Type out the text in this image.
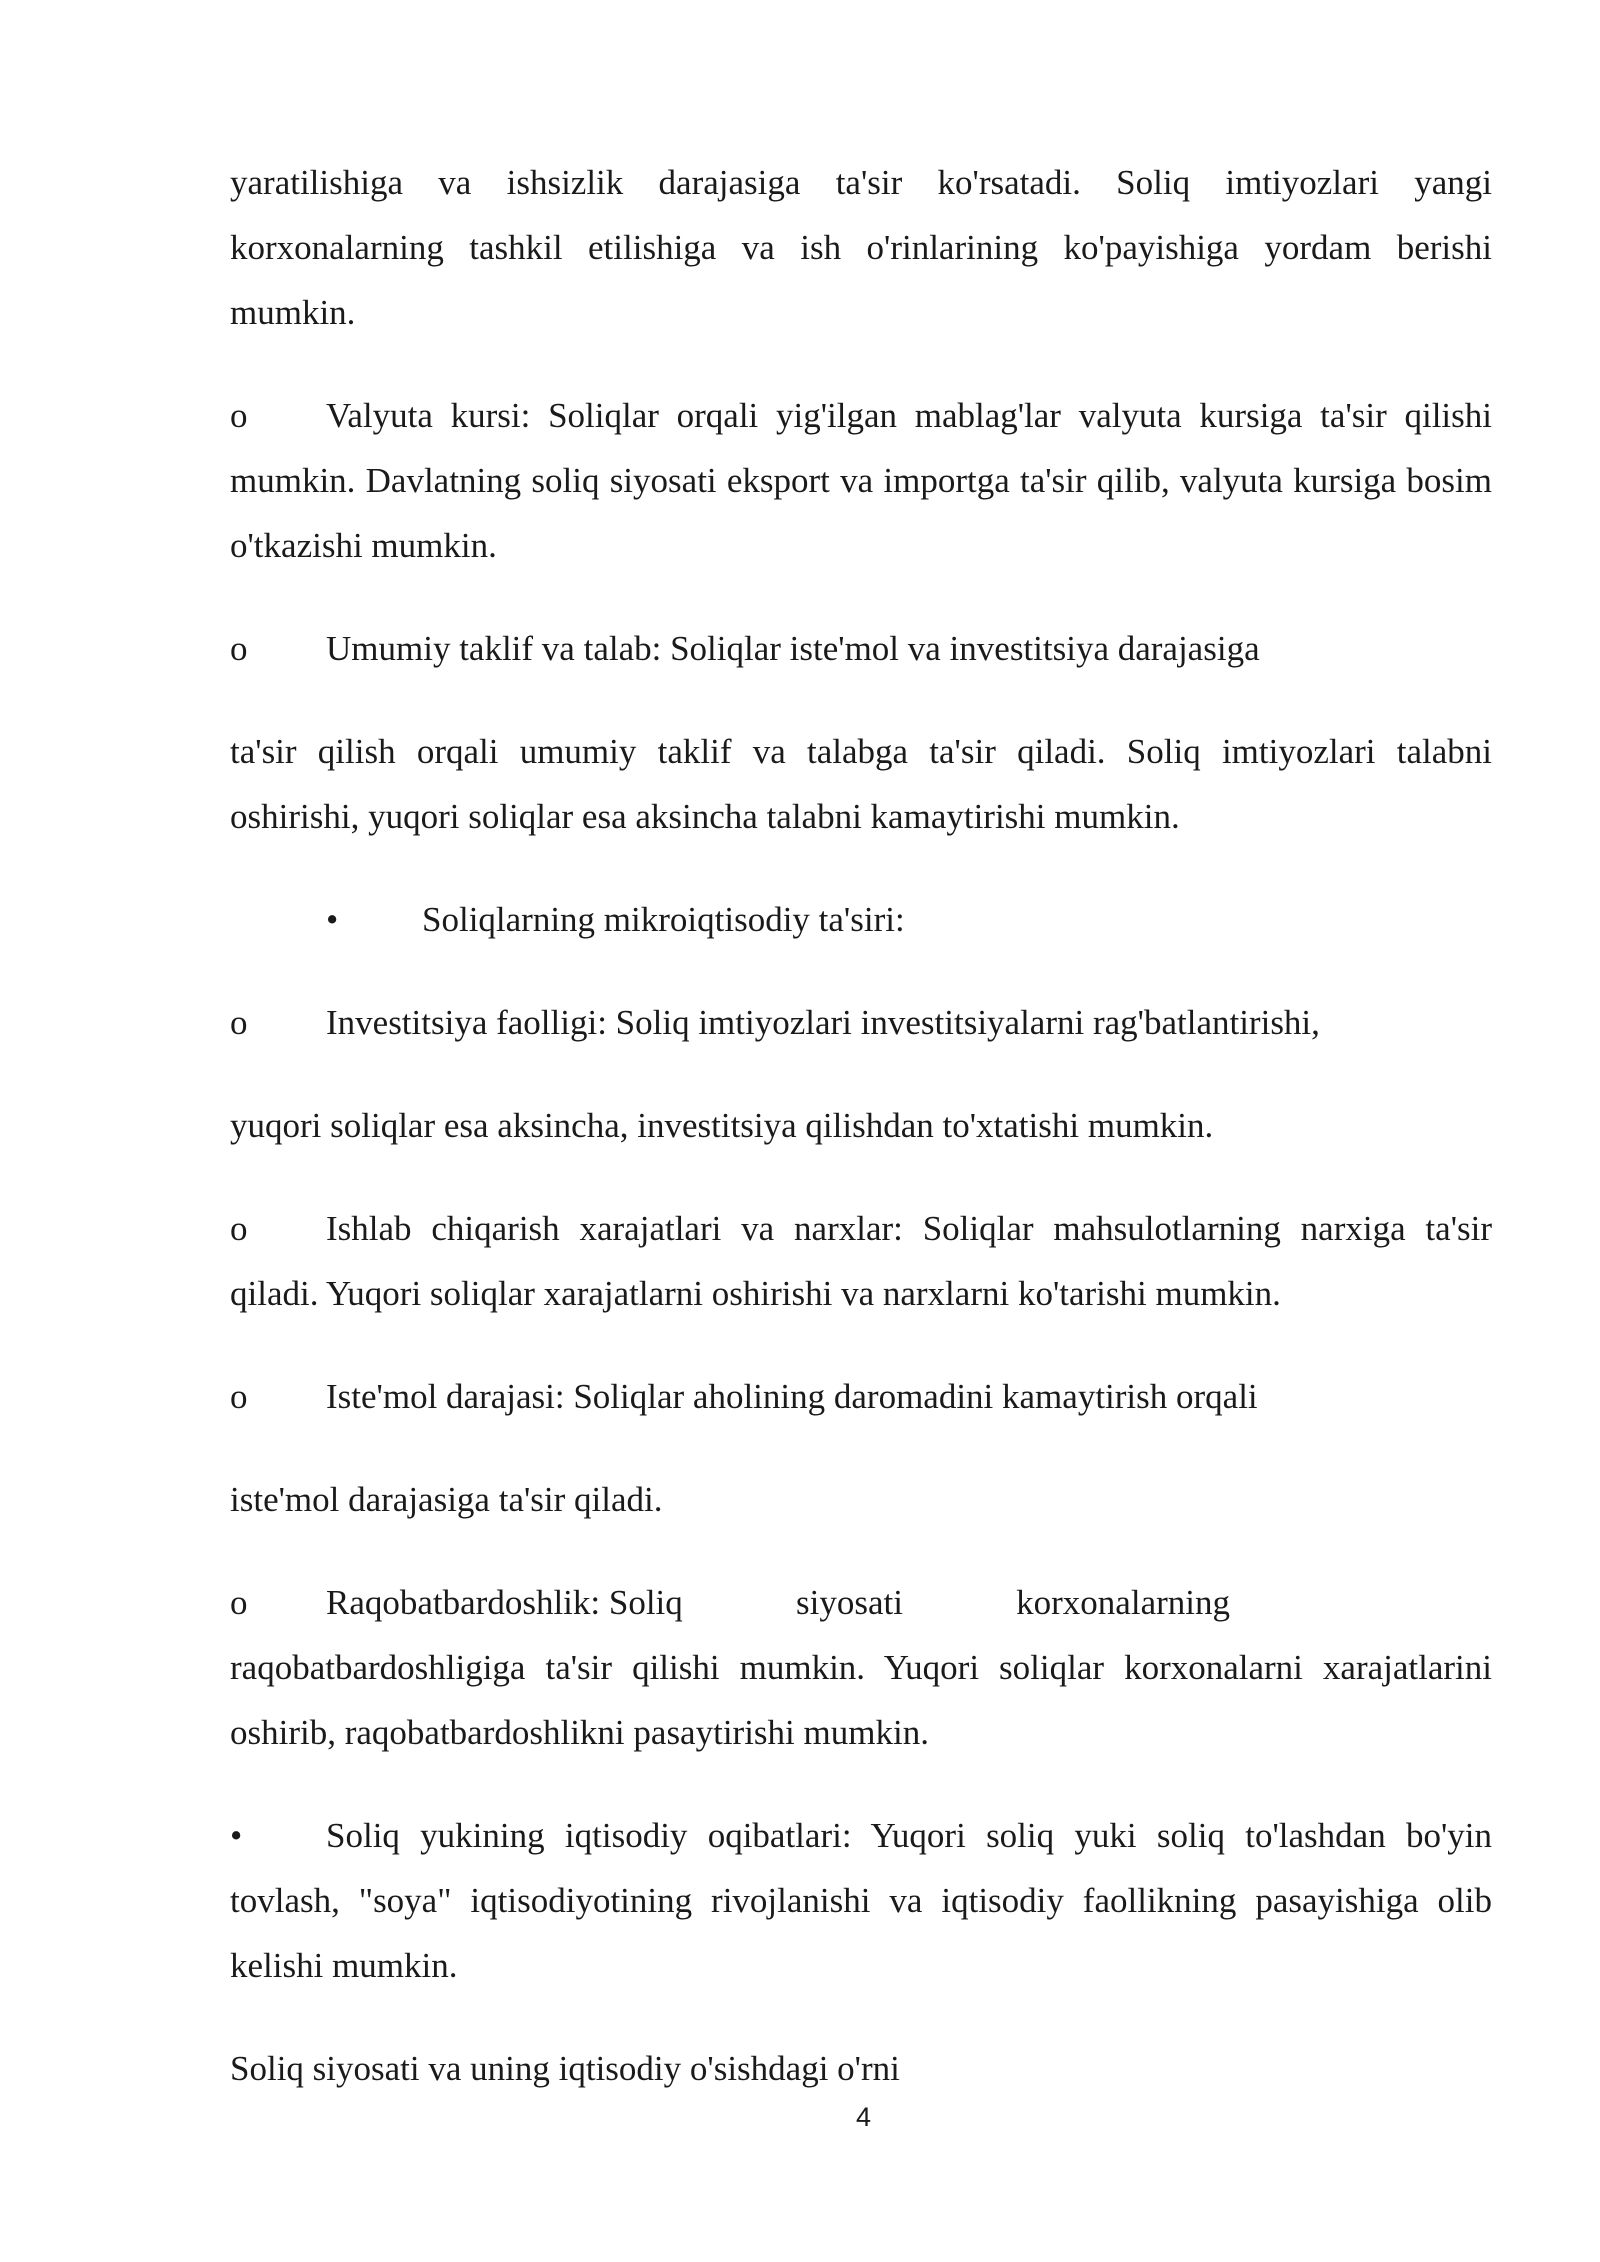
yaratilishiga va ishsizlik darajasiga ta'sir ko'rsatadi. Soliq imtiyozlari yangi korxonalarning tashkil etilishiga va ish o'rinlarining ko'payishiga yordam berishi mumkin.

o Valyuta kursi: Soliqlar orqali yig'ilgan mablag'lar valyuta kursiga ta'sir qilishi mumkin. Davlatning soliq siyosati eksport va importga ta'sir qilib, valyuta kursiga bosim o'tkazishi mumkin.

o Umumiy taklif va talab: Soliqlar iste'mol va investitsiya darajasiga

ta'sir qilish orqali umumiy taklif va talabga ta'sir qiladi. Soliq imtiyozlari talabni oshirishi, yuqori soliqlar esa aksincha talabni kamaytirishi mumkin.

• Soliqlarning mikroiqtisodiy ta'siri:

o Investitsiya faolligi: Soliq imtiyozlari investitsiyalarni rag'batlantirishi,

yuqori soliqlar esa aksincha, investitsiya qilishdan to'xtatishi mumkin.

o Ishlab chiqarish xarajatlari va narxlar: Soliqlar mahsulotlarning narxiga ta'sir qiladi. Yuqori soliqlar xarajatlarni oshirishi va narxlarni ko'tarishi mumkin.

o Iste'mol darajasi: Soliqlar aholining daromadini kamaytirish orqali

iste'mol darajasiga ta'sir qiladi.

o Raqobatbardoshlik: Soliq	siyosati	korxonalarning

raqobatbardoshligiga ta'sir qilishi mumkin. Yuqori soliqlar korxonalarni xarajatlarini oshirib, raqobatbardoshlikni pasaytirishi mumkin.

• Soliq yukining iqtisodiy oqibatlari: Yuqori soliq yuki soliq to'lashdan bo'yin tovlash, "soya" iqtisodiyotining rivojlanishi va iqtisodiy faollikning pasayishiga olib kelishi mumkin.

Soliq siyosati va uning iqtisodiy o'sishdagi o'rni

4
